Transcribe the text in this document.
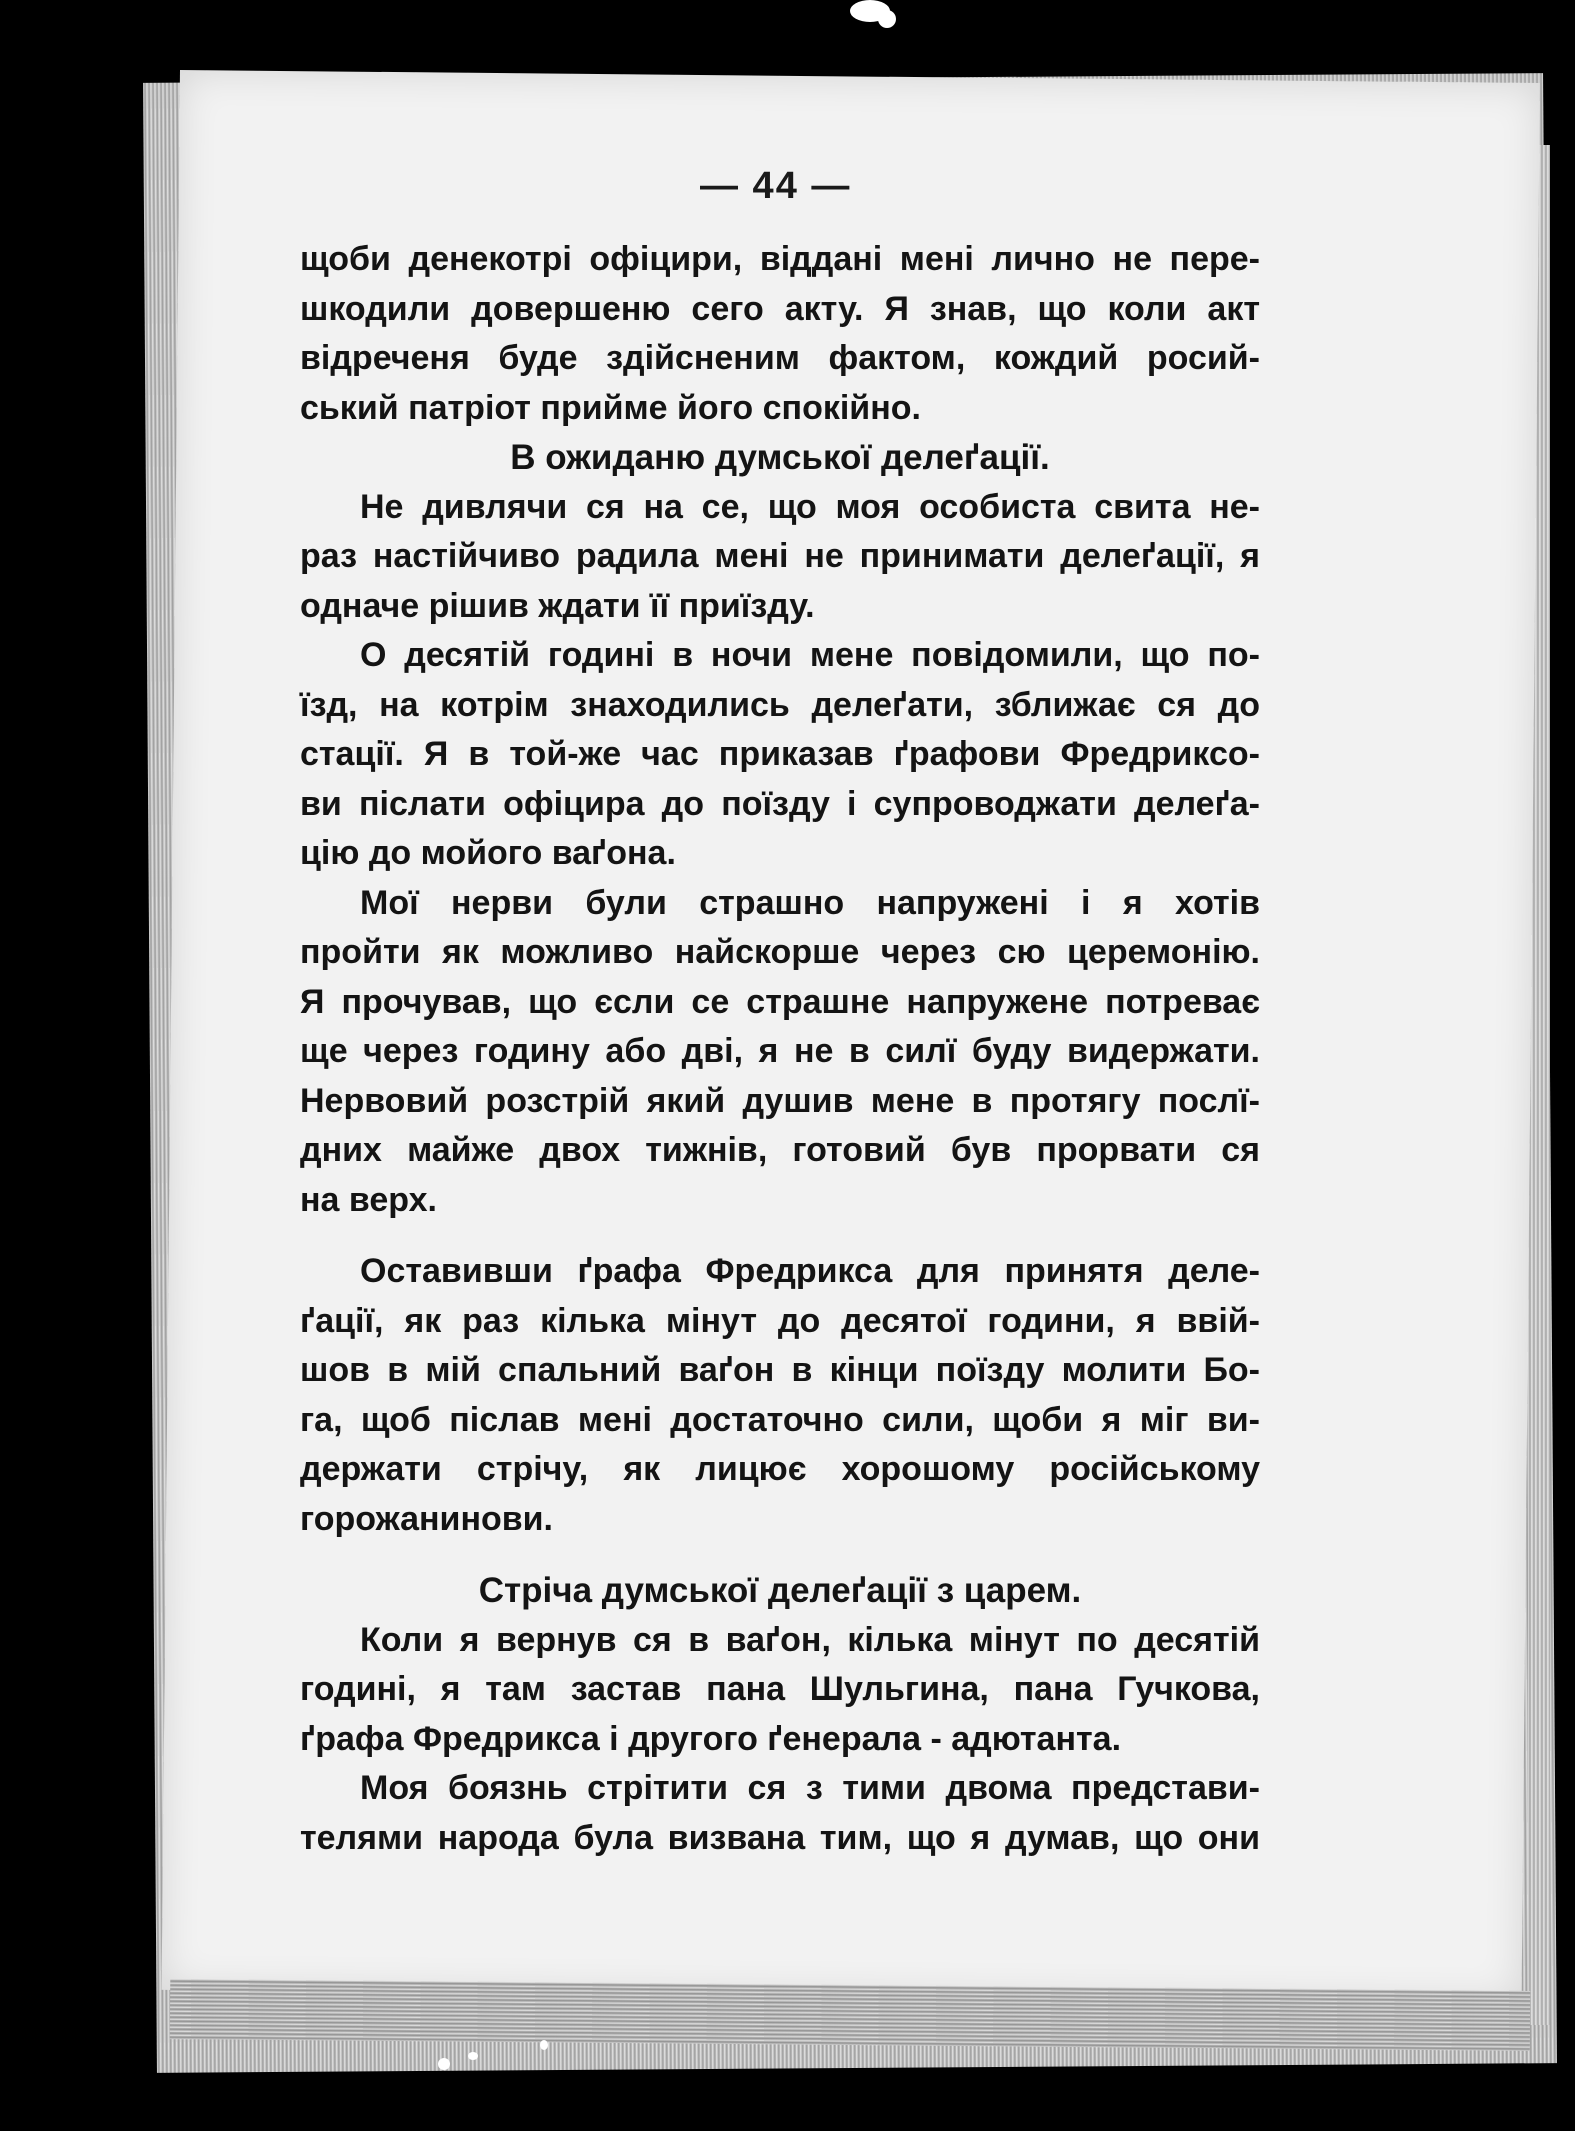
— 44 —
щоби денекотрі офіцири, віддані мені лично не пере-
шкодили довершеню сего акту. Я знав, що коли акт
відреченя буде здійсненим фактом, кождий росий-
ський патріот прийме його спокійно.
В ожиданю думської делеґації.
Не дивлячи ся на се, що моя особиста свита не-
раз настійчиво радила мені не принимати делеґації, я
одначе рішив ждати її приїзду.
О десятій годині в ночи мене повідомили, що по-
їзд, на котрім знаходились делеґати, зближає ся до
стації. Я в той-же час приказав ґрафови Фредриксо-
ви післати офіцира до поїзду і супроводжати делеґа-
цію до мойого ваґона.
Мої нерви були страшно напружені і я хотів
пройти як можливо найскорше через сю церемонію.
Я прочував, що єсли се страшне напружене потреває
ще через годину або дві, я не в силї буду видержати.
Нервовий розстрій який душив мене в протягу послї-
дних майже двох тижнів, готовий був прорвати ся
на верх.
Оставивши ґрафа Фредрикса для принятя деле-
ґації, як раз кілька мінут до десятої години, я ввій-
шов в мій спальний ваґон в кінци поїзду молити Бо-
га, щоб післав мені достаточно сили, щоби я міг ви-
держати стрічу, як лицює хорошому російському
горожанинови.
Стріча думської делеґації з царем.
Коли я вернув ся в ваґон, кілька мінут по десятій
годині, я там застав пана Шульгина, пана Гучкова,
ґрафа Фредрикса і другого ґенерала - адютанта.
Моя боязнь стрітити ся з тими двома представи-
телями народа була визвана тим, що я думав, що они
